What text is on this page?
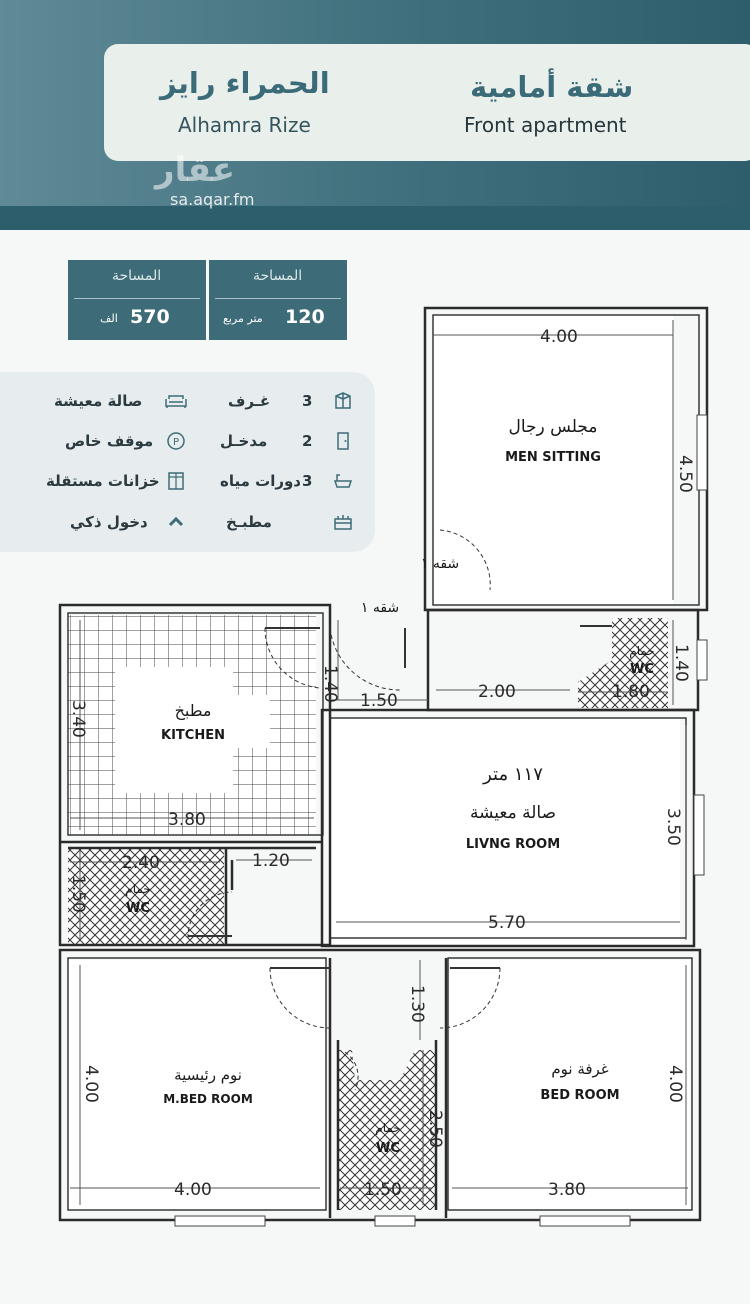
الحمراء رايز
Alhamra Rize
شقة أمامية
Front apartment
عقار
sa.aqar.fm
المساحة
570
الف
المساحة
120
متر مربع
3
غـرف
2
مدخـل
3
دورات مياه
مطبـخ
P
صالة معيشة
موقف خاص
خزانات مستقلة
دخول ذكي
4.00
4.50
1.40 1.50	2.00
1.40
1.80
3.40
3.80
2.40	1.20
1.50
5.70
3.50
1.30
4.00
4.00
2.50
1.50
4.00
3.80
مجلس رجال
MEN SITTING
شقه ١
شقه ١
مطبخ
KITCHEN
١١٧ متر
صالة معيشة
LIVNG ROOM
حمام
WC
حمام
WC
نوم رئيسية
M.BED ROOM
حمام
WC
غرفة نوم
BED ROOM
